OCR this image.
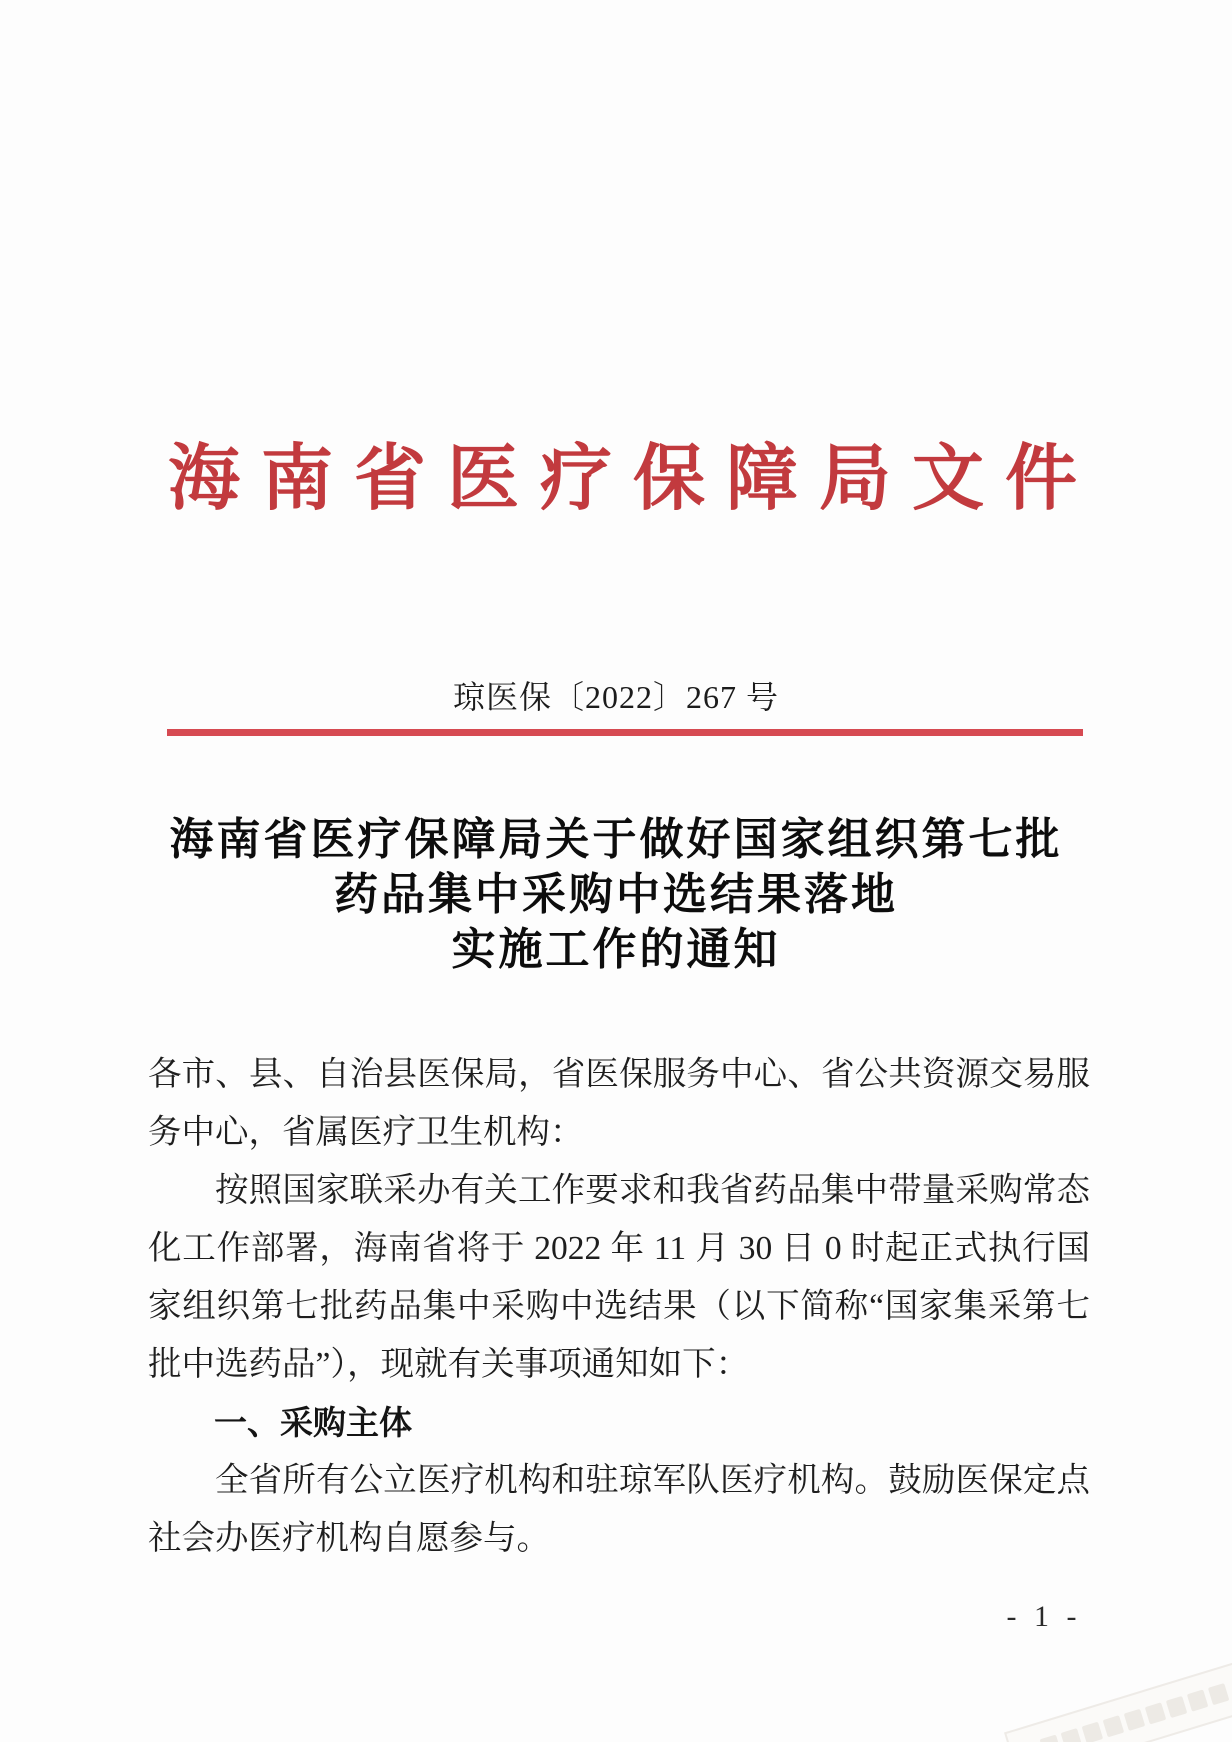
海南省医疗保障局文件
琼医保〔2022〕267 号
海南省医疗保障局关于做好国家组织第七批
药品集中采购中选结果落地
实施工作的通知

各市、县、自治县医保局，省医保服务中心、省公共资源交易服务中心，省属医疗卫生机构：

按照国家联采办有关工作要求和我省药品集中带量采购常态化工作部署，海南省将于 2022 年 11 月 30 日 0 时起正式执行国家组织第七批药品集中采购中选结果（以下简称“国家集采第七批中选药品”），现就有关事项通知如下：

一、采购主体

全省所有公立医疗机构和驻琼军队医疗机构。鼓励医保定点社会办医疗机构自愿参与。

- 1 -
